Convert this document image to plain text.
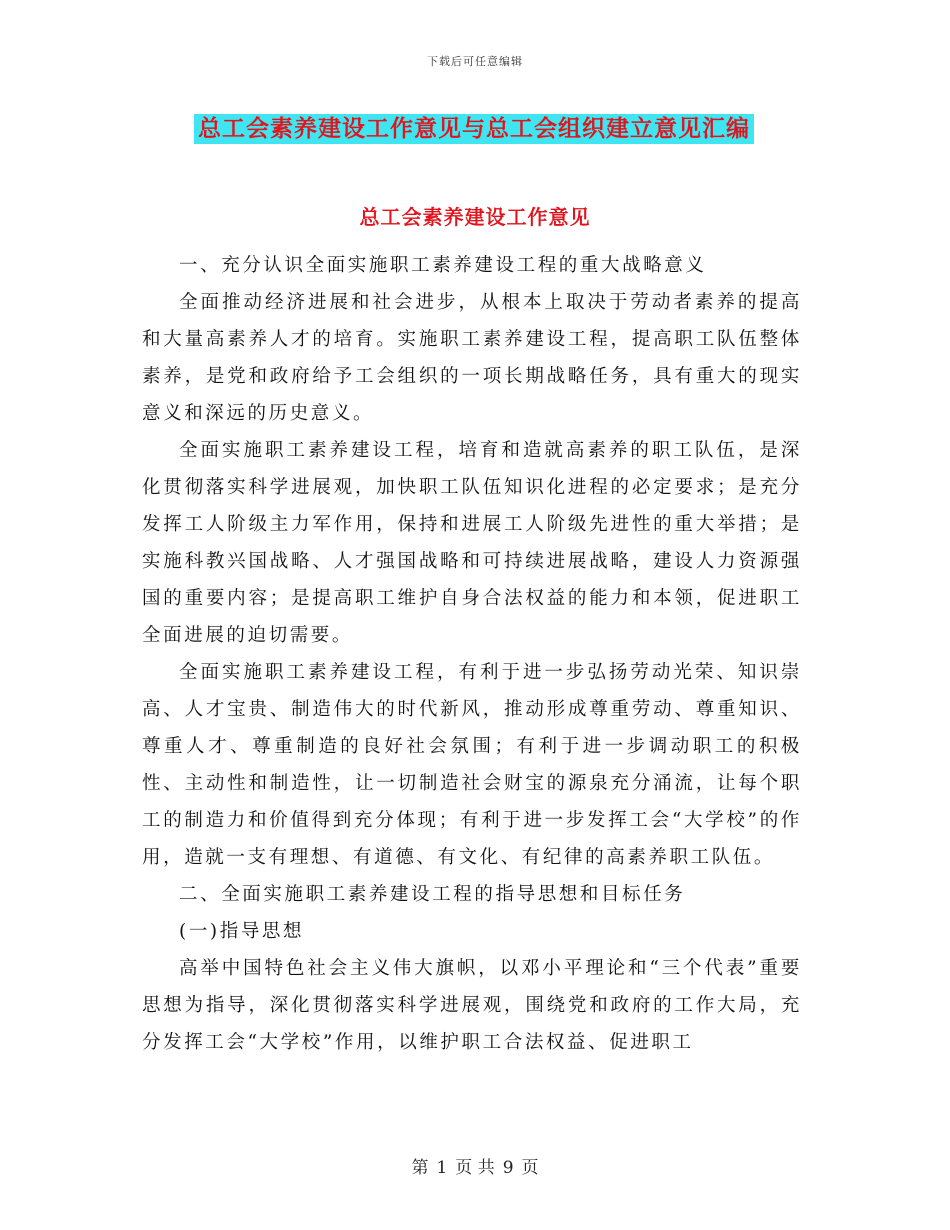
下载后可任意编辑
总工会素养建设工作意见与总工会组织建立意见汇编
总工会素养建设工作意见

一、充分认识全面实施职工素养建设工程的重大战略意义

全面推动经济进展和社会进步，从根本上取决于劳动者素养的提高和大量高素养人才的培育。实施职工素养建设工程，提高职工队伍整体素养，是党和政府给予工会组织的一项长期战略任务，具有重大的现实意义和深远的历史意义。

全面实施职工素养建设工程，培育和造就高素养的职工队伍，是深化贯彻落实科学进展观，加快职工队伍知识化进程的必定要求；是充分发挥工人阶级主力军作用，保持和进展工人阶级先进性的重大举措；是实施科教兴国战略、人才强国战略和可持续进展战略，建设人力资源强国的重要内容；是提高职工维护自身合法权益的能力和本领，促进职工全面进展的迫切需要。

全面实施职工素养建设工程，有利于进一步弘扬劳动光荣、知识崇高、人才宝贵、制造伟大的时代新风，推动形成尊重劳动、尊重知识、尊重人才、尊重制造的良好社会氛围；有利于进一步调动职工的积极性、主动性和制造性，让一切制造社会财宝的源泉充分涌流，让每个职工的制造力和价值得到充分体现；有利于进一步发挥工会“大学校”的作用，造就一支有理想、有道德、有文化、有纪律的高素养职工队伍。

二、全面实施职工素养建设工程的指导思想和目标任务

(一)指导思想

高举中国特色社会主义伟大旗帜，以邓小平理论和“三个代表”重要思想为指导，深化贯彻落实科学进展观，围绕党和政府的工作大局，充分发挥工会“大学校”作用，以维护职工合法权益、促进职工

第 1 页 共 9 页
